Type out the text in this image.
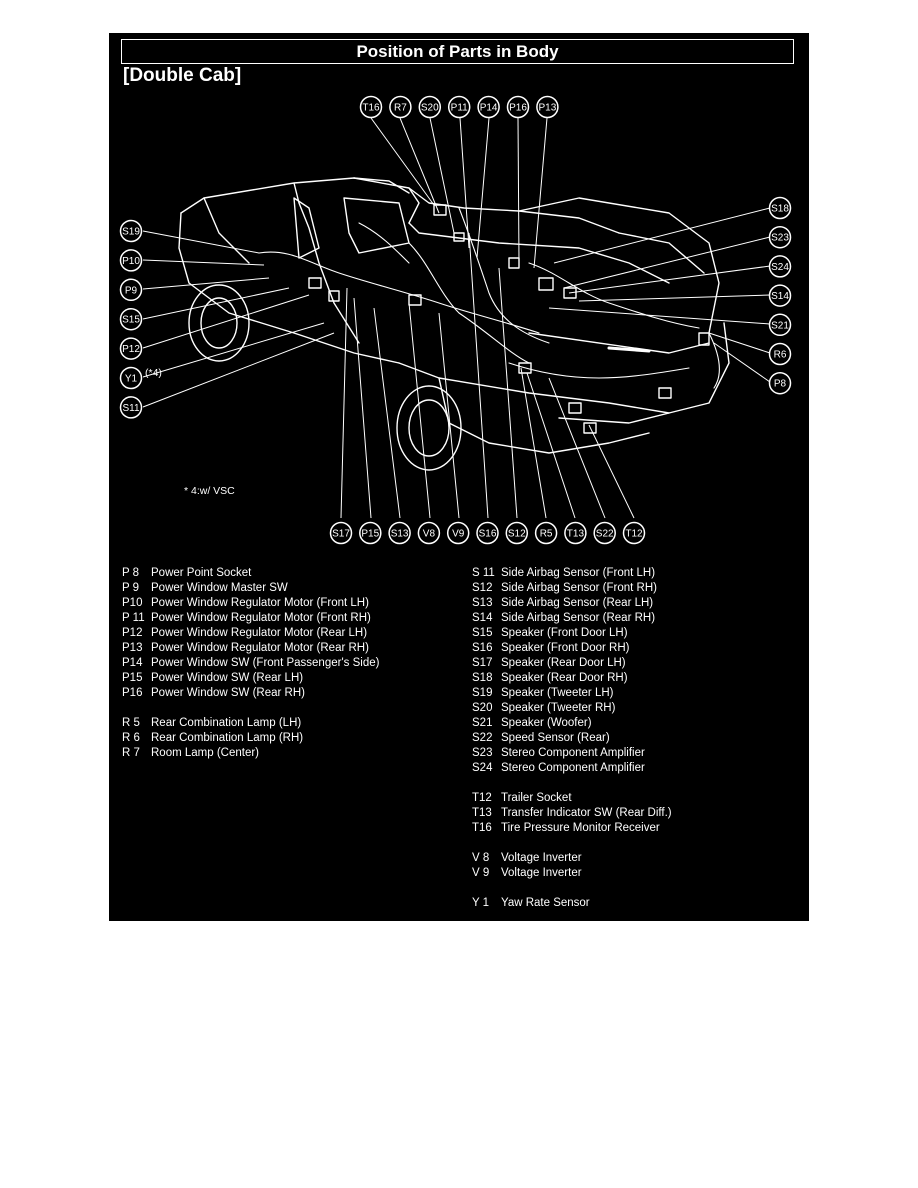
Position of Parts in Body
[Double Cab]
T16 R7 S20 P11 P14 P16 P13
S19
P10
P9
S15
P12
Y1
S11
S18
S23
S24
S14
S21
R6
P8
S17 P15 S13 V8 V9 S16 S12 R5 T13 S22 T12
* 4:w/ VSC
(*4)
P 8 Power Point Socket
P 9 Power Window Master SW
P10 Power Window Regulator Motor (Front LH)
P 11 Power Window Regulator Motor (Front RH)
P12 Power Window Regulator Motor (Rear LH)
P13 Power Window Regulator Motor (Rear RH)
P14 Power Window SW (Front Passenger's Side)
P15 Power Window SW (Rear LH)
P16 Power Window SW (Rear RH)
R 5 Rear Combination Lamp (LH)
R 6 Rear Combination Lamp (RH)
R 7 Room Lamp (Center)
S 11 Side Airbag Sensor (Front LH)
S12 Side Airbag Sensor (Front RH)
S13 Side Airbag Sensor (Rear LH)
S14 Side Airbag Sensor (Rear RH)
S15 Speaker (Front Door LH)
S16 Speaker (Front Door RH)
S17 Speaker (Rear Door LH)
S18 Speaker (Rear Door RH)
S19 Speaker (Tweeter LH)
S20 Speaker (Tweeter RH)
S21 Speaker (Woofer)
S22 Speed Sensor (Rear)
S23 Stereo Component Amplifier
S24 Stereo Component Amplifier
T12 Trailer Socket
T13 Transfer Indicator SW (Rear Diff.)
T16 Tire Pressure Monitor Receiver
V 8 Voltage Inverter
V 9 Voltage Inverter
Y 1 Yaw Rate Sensor
